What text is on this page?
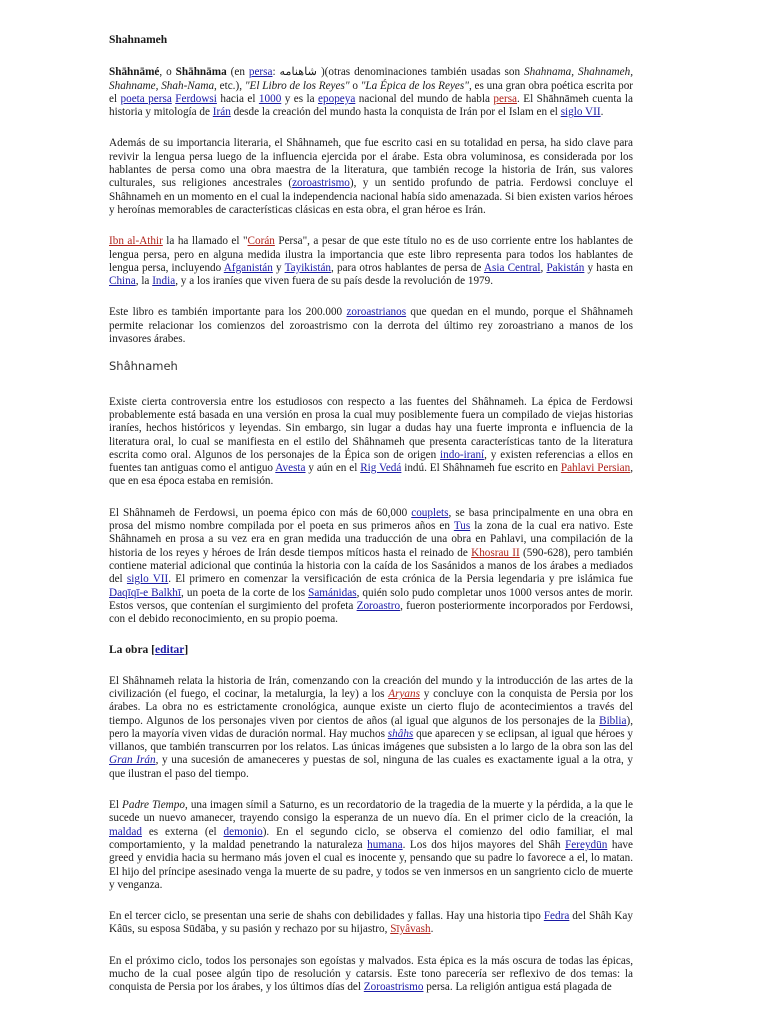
Shahnameh

Shāhnāmé, o Shāhnāma (en persa: شاهنامه )(otras denominaciones también usadas son Shahnama, Shahnameh, Shahname, Shah-Nama, etc.), "El Libro de los Reyes" o "La Épica de los Reyes", es una gran obra poética escrita por el poeta persa Ferdowsi hacia el 1000 y es la epopeya nacional del mundo de habla persa. El Shāhnāmeh cuenta la historia y mitología de Irán desde la creación del mundo hasta la conquista de Irán por el Islam en el siglo VII.

Además de su importancia literaria, el Shâhnameh, que fue escrito casi en su totalidad en persa, ha sido clave para revivir la lengua persa luego de la influencia ejercida por el árabe. Esta obra voluminosa, es considerada por los hablantes de persa como una obra maestra de la literatura, que también recoge la historia de Irán, sus valores culturales, sus religiones ancestrales (zoroastrismo), y un sentido profundo de patria. Ferdowsi concluye el Shâhnameh en un momento en el cual la independencia nacional había sido amenazada. Si bien existen varios héroes y heroínas memorables de características clásicas en esta obra, el gran héroe es Irán.

Ibn al-Athir la ha llamado el "Corán Persa", a pesar de que este título no es de uso corriente entre los hablantes de lengua persa, pero en alguna medida ilustra la importancia que este libro representa para todos los hablantes de lengua persa, incluyendo Afganistán y Tayikistán, para otros hablantes de persa de Asia Central, Pakistán y hasta en China, la India, y a los iraníes que viven fuera de su país desde la revolución de 1979.

Este libro es también importante para los 200.000 zoroastrianos que quedan en el mundo, porque el Shâhnameh permite relacionar los comienzos del zoroastrismo con la derrota del último rey zoroastriano a manos de los invasores árabes.

Shâhnameh

Existe cierta controversia entre los estudiosos con respecto a las fuentes del Shâhnameh. La épica de Ferdowsi probablemente está basada en una versión en prosa la cual muy posiblemente fuera un compilado de viejas historias iraníes, hechos históricos y leyendas. Sin embargo, sin lugar a dudas hay una fuerte impronta e influencia de la literatura oral, lo cual se manifiesta en el estilo del Shâhnameh que presenta características tanto de la literatura escrita como oral. Algunos de los personajes de la Épica son de origen indo-iraní, y existen referencias a ellos en fuentes tan antiguas como el antiguo Avesta y aún en el Rig Vedá indú. El Shâhnameh fue escrito en Pahlavi Persian, que en esa época estaba en remisión.

El Shâhnameh de Ferdowsi, un poema épico con más de 60,000 couplets, se basa principalmente en una obra en prosa del mismo nombre compilada por el poeta en sus primeros años en Tus la zona de la cual era nativo. Este Shâhnameh en prosa a su vez era en gran medida una traducción de una obra en Pahlavi, una compilación de la historia de los reyes y héroes de Irán desde tiempos míticos hasta el reinado de Khosrau II (590-628), pero también contiene material adicional que continúa la historia con la caída de los Sasánidos a manos de los árabes a mediados del siglo VII. El primero en comenzar la versificación de esta crónica de la Persia legendaria y pre islámica fue Daqīqī-e Balkhī, un poeta de la corte de los Samánidas, quién solo pudo completar unos 1000 versos antes de morir. Estos versos, que contenían el surgimiento del profeta Zoroastro, fueron posteriormente incorporados por Ferdowsi, con el debido reconocimiento, en su propio poema.

La obra [editar]

El Shâhnameh relata la historia de Irán, comenzando con la creación del mundo y la introducción de las artes de la civilización (el fuego, el cocinar, la metalurgia, la ley) a los Aryans y concluye con la conquista de Persia por los árabes. La obra no es estrictamente cronológica, aunque existe un cierto flujo de acontecimientos a través del tiempo. Algunos de los personajes viven por cientos de años (al igual que algunos de los personajes de la Biblia), pero la mayoría viven vidas de duración normal. Hay muchos shâhs que aparecen y se eclipsan, al igual que héroes y villanos, que también transcurren por los relatos. Las únicas imágenes que subsisten a lo largo de la obra son las del Gran Irán, y una sucesión de amaneceres y puestas de sol, ninguna de las cuales es exactamente igual a la otra, y que ilustran el paso del tiempo.

El Padre Tiempo, una imagen símil a Saturno, es un recordatorio de la tragedia de la muerte y la pérdida, a la que le sucede un nuevo amanecer, trayendo consigo la esperanza de un nuevo día. En el primer ciclo de la creación, la maldad es externa (el demonio). En el segundo ciclo, se observa el comienzo del odio familiar, el mal comportamiento, y la maldad penetrando la naturaleza humana. Los dos hijos mayores del Shâh Fereydūn have greed y envidia hacia su hermano más joven el cual es inocente y, pensando que su padre lo favorece a el, lo matan. El hijo del príncipe asesinado venga la muerte de su padre, y todos se ven inmersos en un sangriento ciclo de muerte y venganza.

En el tercer ciclo, se presentan una serie de shahs con debilidades y fallas. Hay una historia tipo Fedra del Shâh Kay Kâūs, su esposa Sūdāba, y su pasión y rechazo por su hijastro, Sīyâvash.

En el próximo ciclo, todos los personajes son egoístas y malvados. Esta épica es la más oscura de todas las épicas, mucho de la cual posee algún tipo de resolución y catarsis. Este tono parecería ser reflexivo de dos temas: la conquista de Persia por los árabes, y los últimos días del Zoroastrismo persa. La religión antigua está plagada de
